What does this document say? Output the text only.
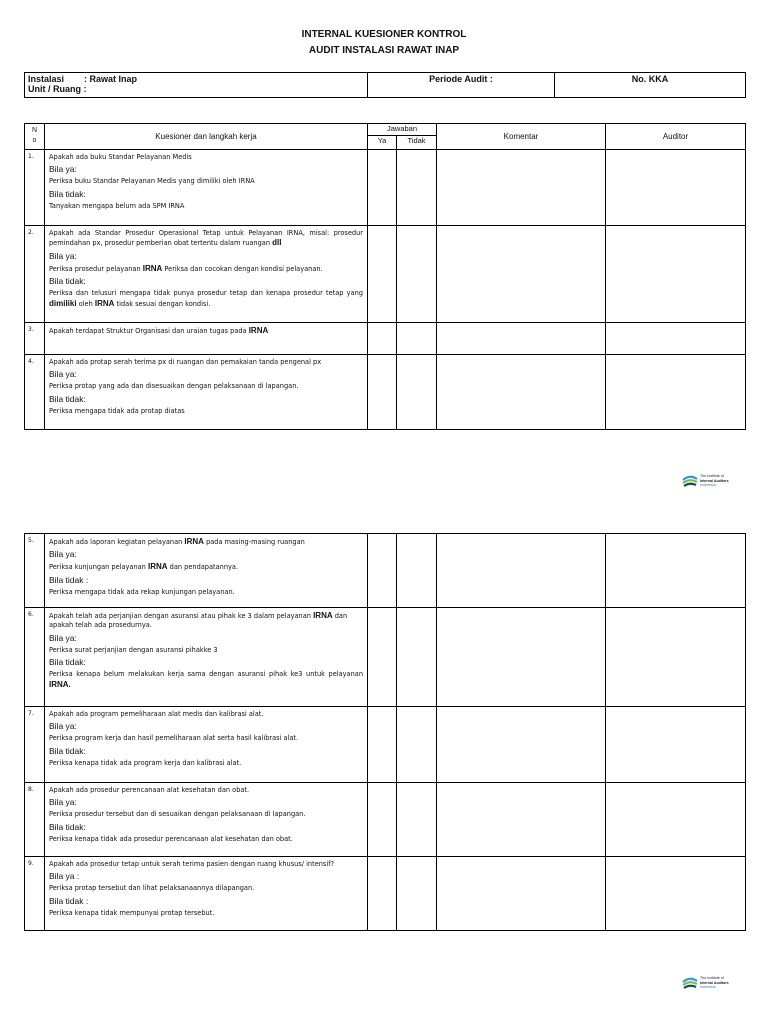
INTERNAL KUESIONER KONTROL
AUDIT INSTALASI RAWAT INAP
Instalasi : Rawat Inap
Unit / Ruang :
	Periode Audit :	No. KKA
N
o	Kuesioner dan langkah kerja	Jawaban		Komentar	Auditor
		Ya	Tidak		
1.	Apakah ada buku Standar Pelayanan Medis

Bila ya:

Periksa buku Standar Pelayanan Medis yang dimiliki oleh IRNA

Bila tidak:

Tanyakan mengapa belum ada SPM IRNA				

2.	Apakah ada Standar Prosedur Operasional Tetap untuk Pelayanan IRNA, misal: prosedur pemindahan px, prosedur pemberian obat tertentu dalam ruangan dll

Bila ya:

Periksa prosedur pelayanan IRNA Periksa dan cocokan dengan kondisi pelayanan.

Bila tidak:

Periksa dan telusuri mengapa tidak punya prosedur tetap dan kenapa prosedur tetap yang dimiliki oleh IRNA tidak sesuai dengan kondisi.				

3.	Apakah terdapat Struktur Organisasi dan uraian tugas pada IRNA				

4.	Apakah ada protap serah terima px di ruangan dan pemakaian tanda pengenal px

Bila ya:

Periksa protap yang ada dan disesuaikan dengan pelaksanaan di lapangan.

Bila tidak:

Periksa mengapa tidak ada protap diatas				

The Institute of
Internal Auditors
Indonesia
5.	Apakah ada laporan kegiatan pelayanan IRNA pada masing-masing ruangan

Bila ya:

Periksa kunjungan pelayanan IRNA dan pendapatannya.

Bila tidak :

Periksa mengapa tidak ada rekap kunjungan pelayanan.				

6.	Apakah telah ada perjanjian dengan asuransi atau pihak ke 3 dalam pelayanan IRNA dan apakah telah ada prosedurnya.

Bila ya:

Periksa surat perjanjian dengan asuransi pihakke 3

Bila tidak:

Periksa kenapa belum melakukan kerja sama dengan asuransi pihak ke3 untuk pelayanan IRNA.				

7.	Apakah ada program pemeliharaan alat medis dan kalibrasi alat.

Bila ya:

Periksa program kerja dan hasil pemeliharaan alat serta hasil kalibrasi alat.

Bila tidak:

Periksa kenapa tidak ada program kerja dan kalibrasi alat.				

8.	Apakah ada prosedur perencanaan alat kesehatan dan obat.

Bila ya:

Periksa prosedur tersebut dan di sesuaikan dengan pelaksanaan di lapangan.

Bila tidak:

Periksa kenapa tidak ada prosedur perencanaan alat kesehatan dan obat.				

9.	Apakah ada prosedur tetap untuk serah terima pasien dengan ruang khusus/ intensif?

Bila ya :

Periksa protap tersebut dan lihat pelaksanaannya dilapangan.

Bila tidak :

Periksa kenapa tidak mempunyai protap tersebut.				

The Institute of
Internal Auditors
Indonesia
